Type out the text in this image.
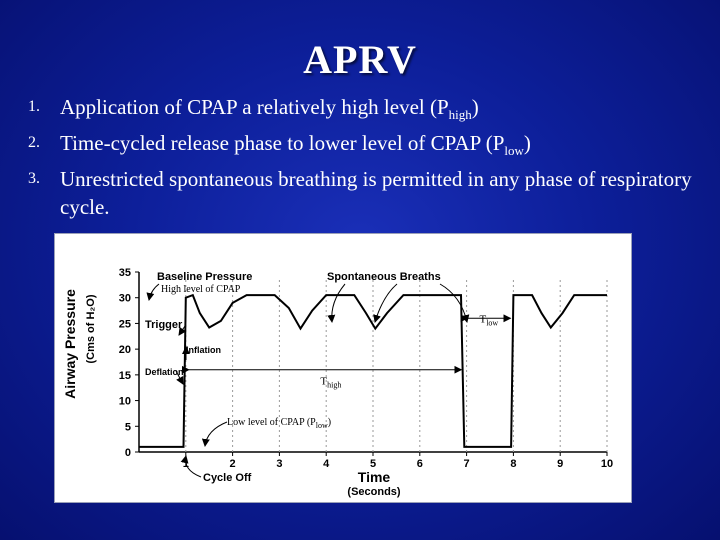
APRV
1. Application of CPAP a relatively high level $(P_{high})$
2. Time-cycled release phase to lower level of CPAP $(P_{low})$
3. Unrestricted spontaneous breathing is permitted in any phase of respiratory cycle.
Airway Pressure (Cms of H₂O)
1	2	3	4	5	6	7	8	9	10
0
5
10
15
20
25
30
35
Time
(Seconds)
Baseline Pressure
High level of CPAP
Spontaneous Breaths
Trigger
Inflation
Deflation
$T_{high}$
$T_{low}$
Low level of CPAP $(P_{low})$
Cycle Off
